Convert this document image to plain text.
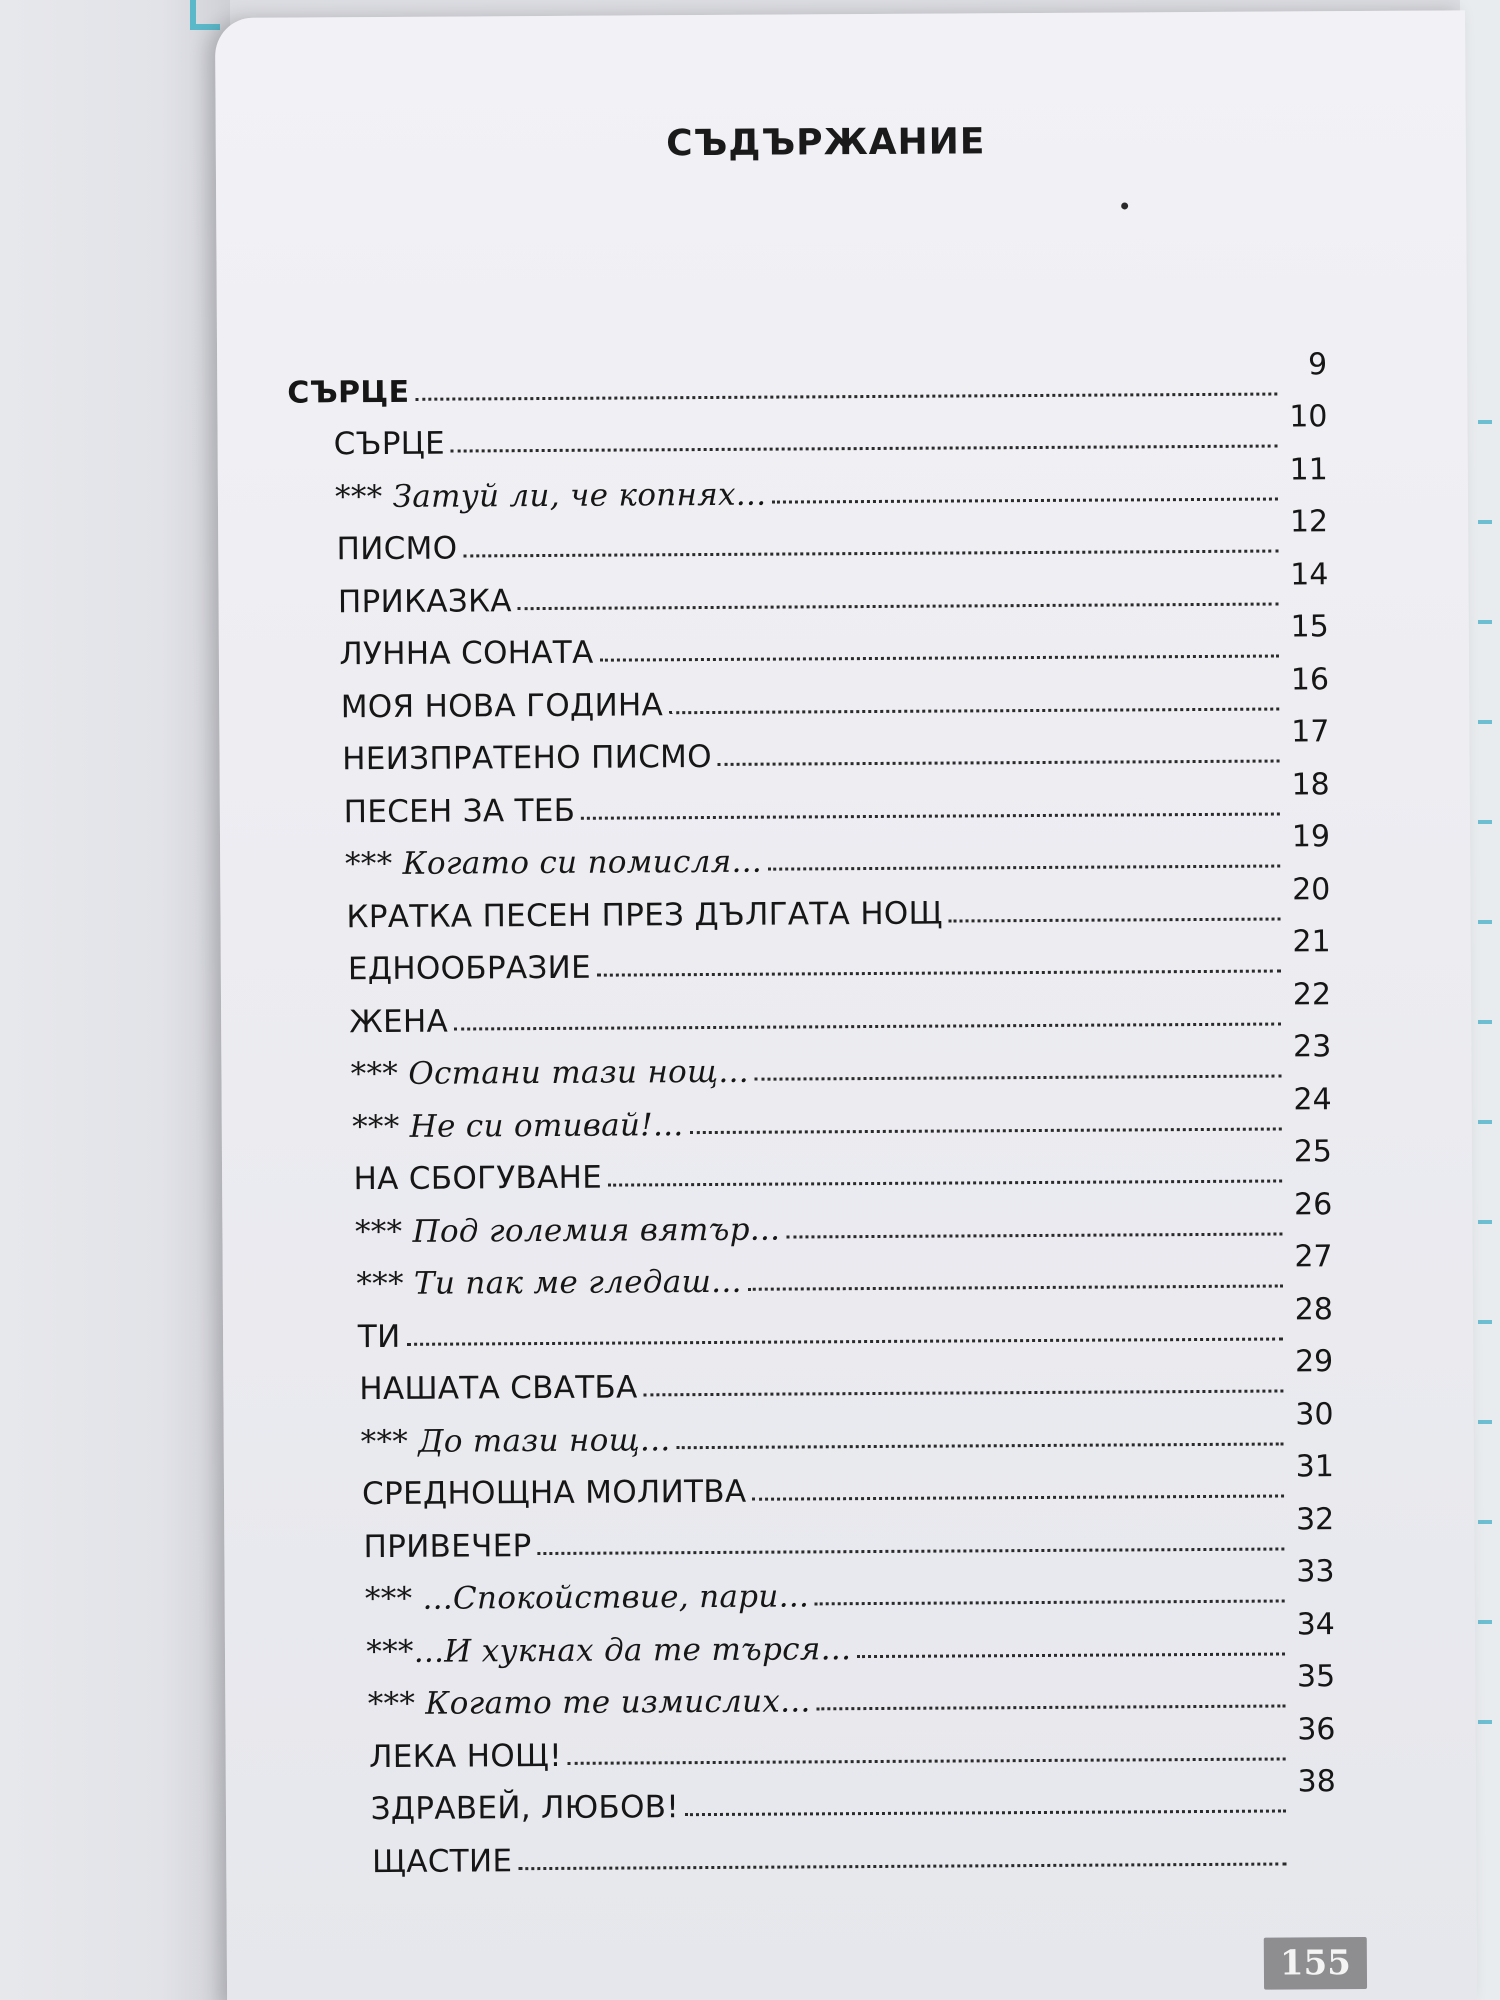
СЪДЪРЖАНИЕ
СЪРЦЕ
9
СЪРЦЕ
10
*** Затуй ли, че копнях...
11
ПИСМО
12
ПРИКАЗКА
14
ЛУННА СОНАТА
15
МОЯ НОВА ГОДИНА
16
НЕИЗПРАТЕНО ПИСМО
17
ПЕСЕН ЗА ТЕБ
18
*** Когато си помисля...
19
КРАТКА ПЕСЕН ПРЕЗ ДЪЛГАТА НОЩ
20
ЕДНООБРАЗИЕ
21
ЖЕНА
22
*** Остани тази нощ...
23
*** Не си отивай!...
24
НА СБОГУВАНЕ
25
*** Под големия вятър...
26
*** Ти пак ме гледаш...
27
ТИ
28
НАШАТА СВАТБА
29
*** До тази нощ...
30
СРЕДНОЩНА МОЛИТВА
31
ПРИВЕЧЕР
32
*** ...Спокойствие, пари...
33
***...И хукнах да те търся...
34
*** Когато те измислих...
35
ЛЕКА НОЩ!
36
ЗДРАВЕЙ, ЛЮБОВ!
38
ЩАСТИЕ
155
